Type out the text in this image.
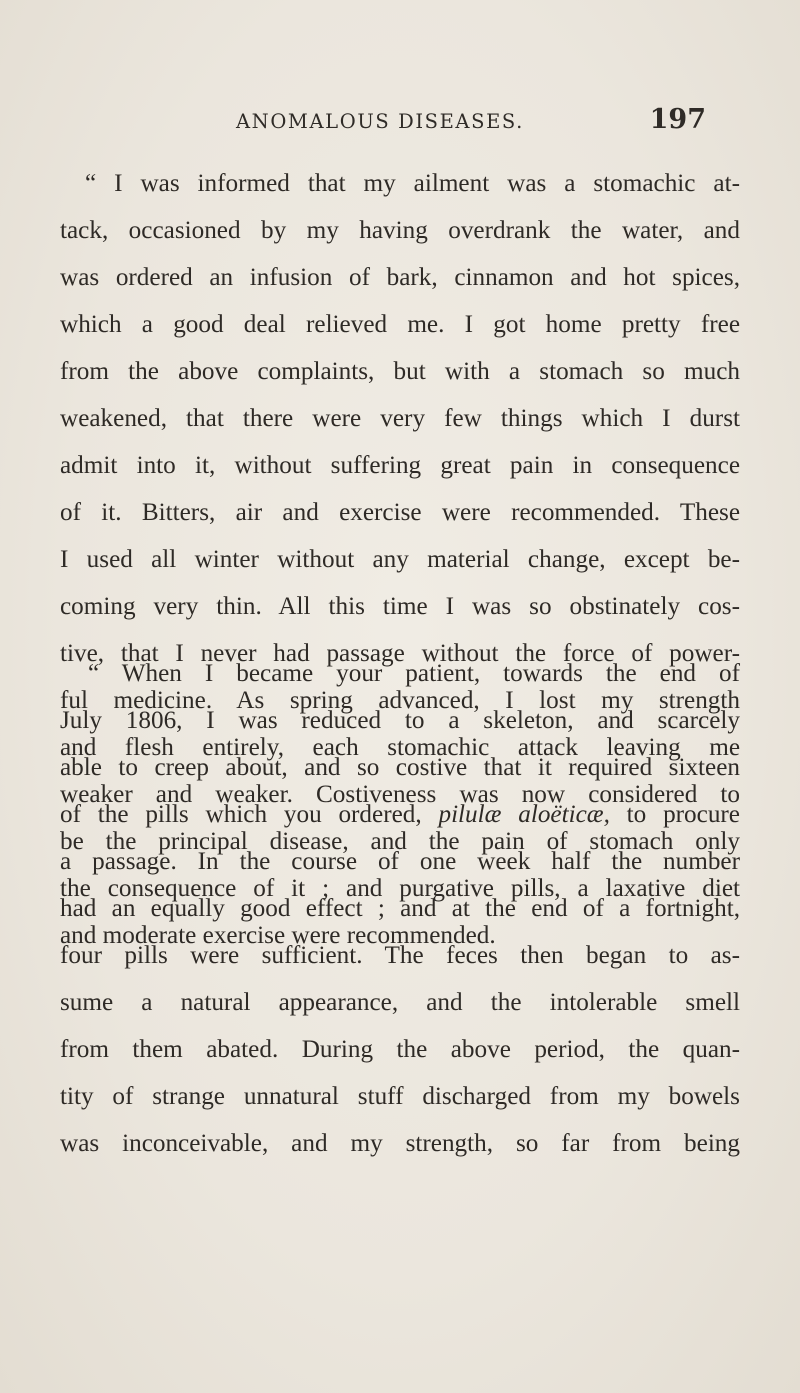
ANOMALOUS DISEASES.	197
“ I was informed that my ailment was a stomachic at-
tack, occasioned by my having overdrank the water, and
was ordered an infusion of bark, cinnamon and hot spices,
which a good deal relieved me. I got home pretty free
from the above complaints, but with a stomach so much
weakened, that there were very few things which I durst
admit into it, without suffering great pain in consequence
of it. Bitters, air and exercise were recommended. These
I used all winter without any material change, except be-
coming very thin. All this time I was so obstinately cos-
tive, that I never had passage without the force of power-
ful medicine. As spring advanced, I lost my strength
and flesh entirely, each stomachic attack leaving me
weaker and weaker. Costiveness was now considered to
be the principal disease, and the pain of stomach only
the consequence of it ; and purgative pills, a laxative diet
and moderate exercise were recommended.
“ When I became your patient, towards the end of
July 1806, I was reduced to a skeleton, and scarcely
able to creep about, and so costive that it required sixteen
of the pills which you ordered, pilulæ aloëticæ, to procure
a passage. In the course of one week half the number
had an equally good effect ; and at the end of a fortnight,
four pills were sufficient. The feces then began to as-
sume a natural appearance, and the intolerable smell
from them abated. During the above period, the quan-
tity of strange unnatural stuff discharged from my bowels
was inconceivable, and my strength, so far from being
